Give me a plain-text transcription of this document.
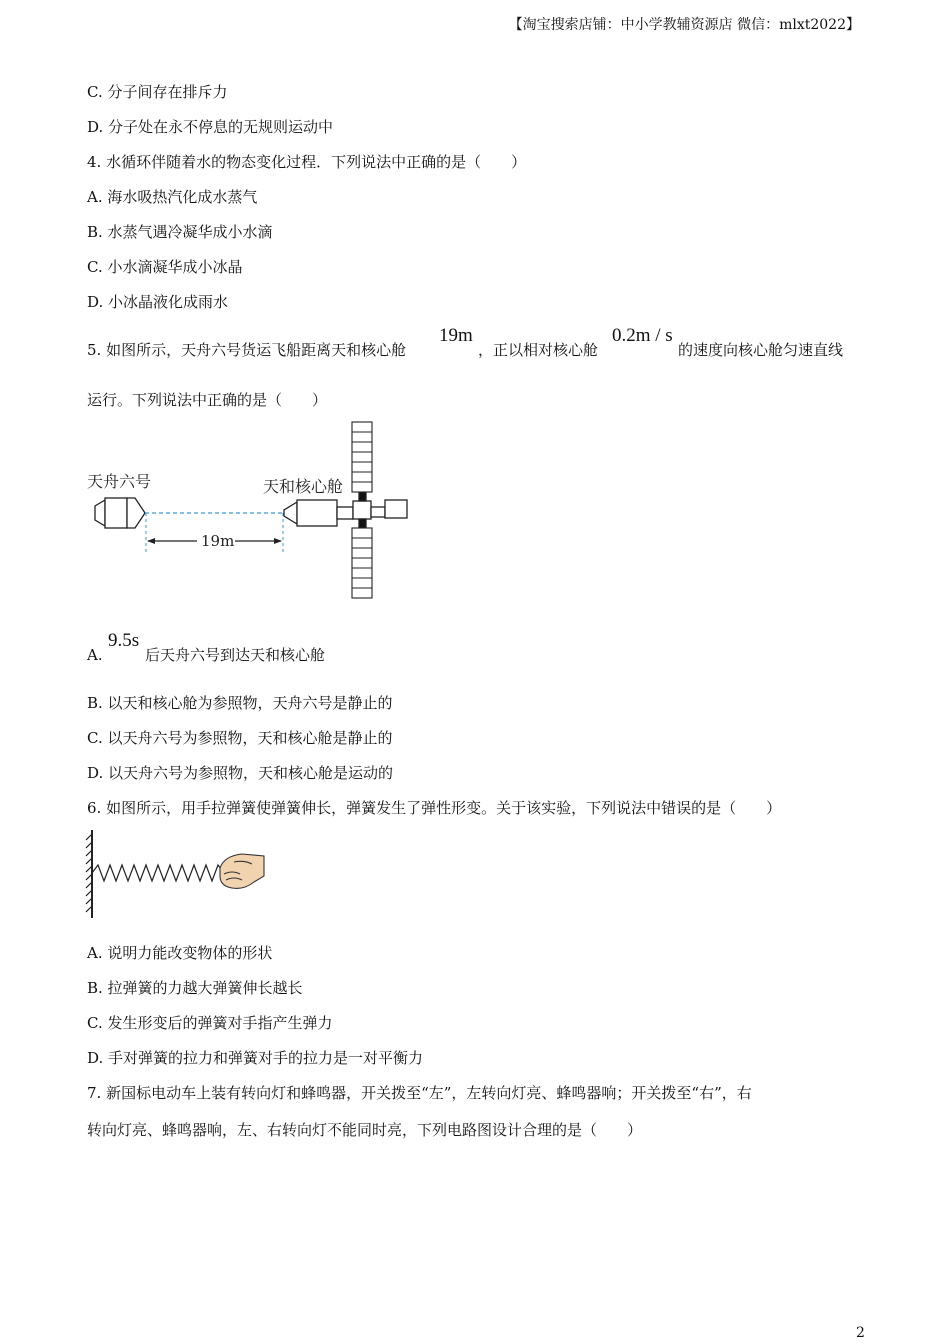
【淘宝搜索店铺：中小学教辅资源店 微信：mlxt2022】
C. 分子间存在排斥力
D. 分子处在永不停息的无规则运动中
4. 水循环伴随着水的物态变化过程．下列说法中正确的是（　　）
A. 海水吸热汽化成水蒸气
B. 水蒸气遇冷凝华成小水滴
C. 小水滴凝华成小冰晶
D. 小冰晶液化成雨水
5. 如图所示，天舟六号货运飞船距离天和核心舱
19m
，正以相对核心舱
0.2m / s
的速度向核心舱匀速直线
运行。下列说法中正确的是（　　）
天舟六号	天和核心舱
19m
A.
9.5s
后天舟六号到达天和核心舱
B. 以天和核心舱为参照物，天舟六号是静止的
C. 以天舟六号为参照物，天和核心舱是静止的
D. 以天舟六号为参照物，天和核心舱是运动的
6. 如图所示，用手拉弹簧使弹簧伸长，弹簧发生了弹性形变。关于该实验，下列说法中错误的是（　　）
A. 说明力能改变物体的形状
B. 拉弹簧的力越大弹簧伸长越长
C. 发生形变后的弹簧对手指产生弹力
D. 手对弹簧的拉力和弹簧对手的拉力是一对平衡力
7. 新国标电动车上装有转向灯和蜂鸣器，开关拨至“左”，左转向灯亮、蜂鸣器响；开关拨至“右”，右
转向灯亮、蜂鸣器响，左、右转向灯不能同时亮，下列电路图设计合理的是（　　）
2
